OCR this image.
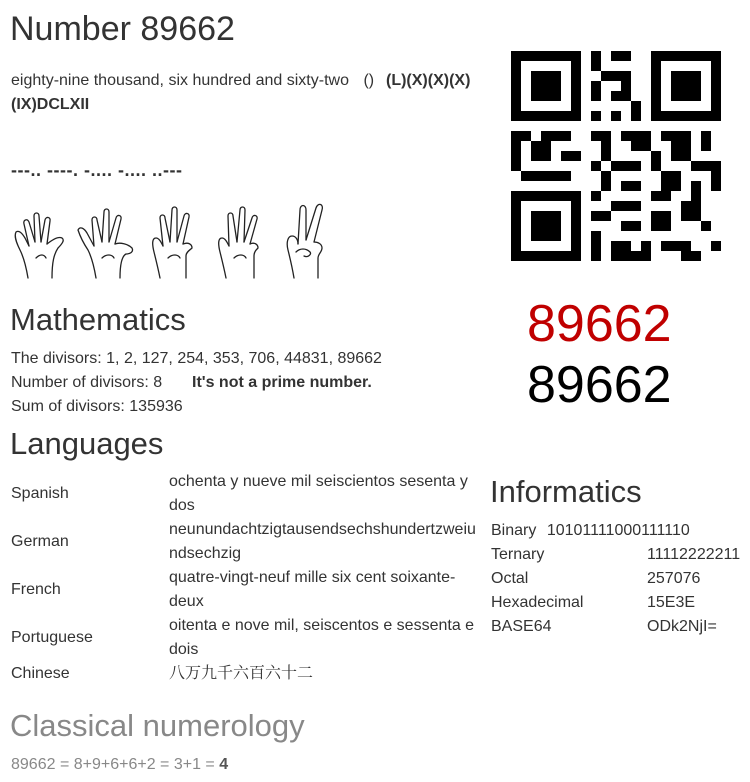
Number 89662
eighty-nine thousand, six hundred and sixty-two () (L)(X)(X)(X)
(IX)DCLXII
---.. ----. -.... -.... ..---
89662
89662
Mathematics
The divisors: 1, 2, 127, 254, 353, 706, 44831, 89662
Number of divisors: 8 It's not a prime number.
Sum of divisors: 135936
Languages
Spanish	ochenta y nueve mil seiscientos sesenta y dos
German	neunundachtzigtausendsechshundertzweiundsechzig
French	quatre-vingt-neuf mille six cent soixante-deux
Portuguese	oitenta e nove mil, seiscentos e sessenta e dois
Chinese	八万九千六百六十二
Informatics
Binary 10101111000111110
Ternary	11112222211
Octal	257076
Hexadecimal	15E3E
BASE64	ODk2NjI=
Classical numerology
89662 = 8+9+6+6+2 = 3+1 = 4
